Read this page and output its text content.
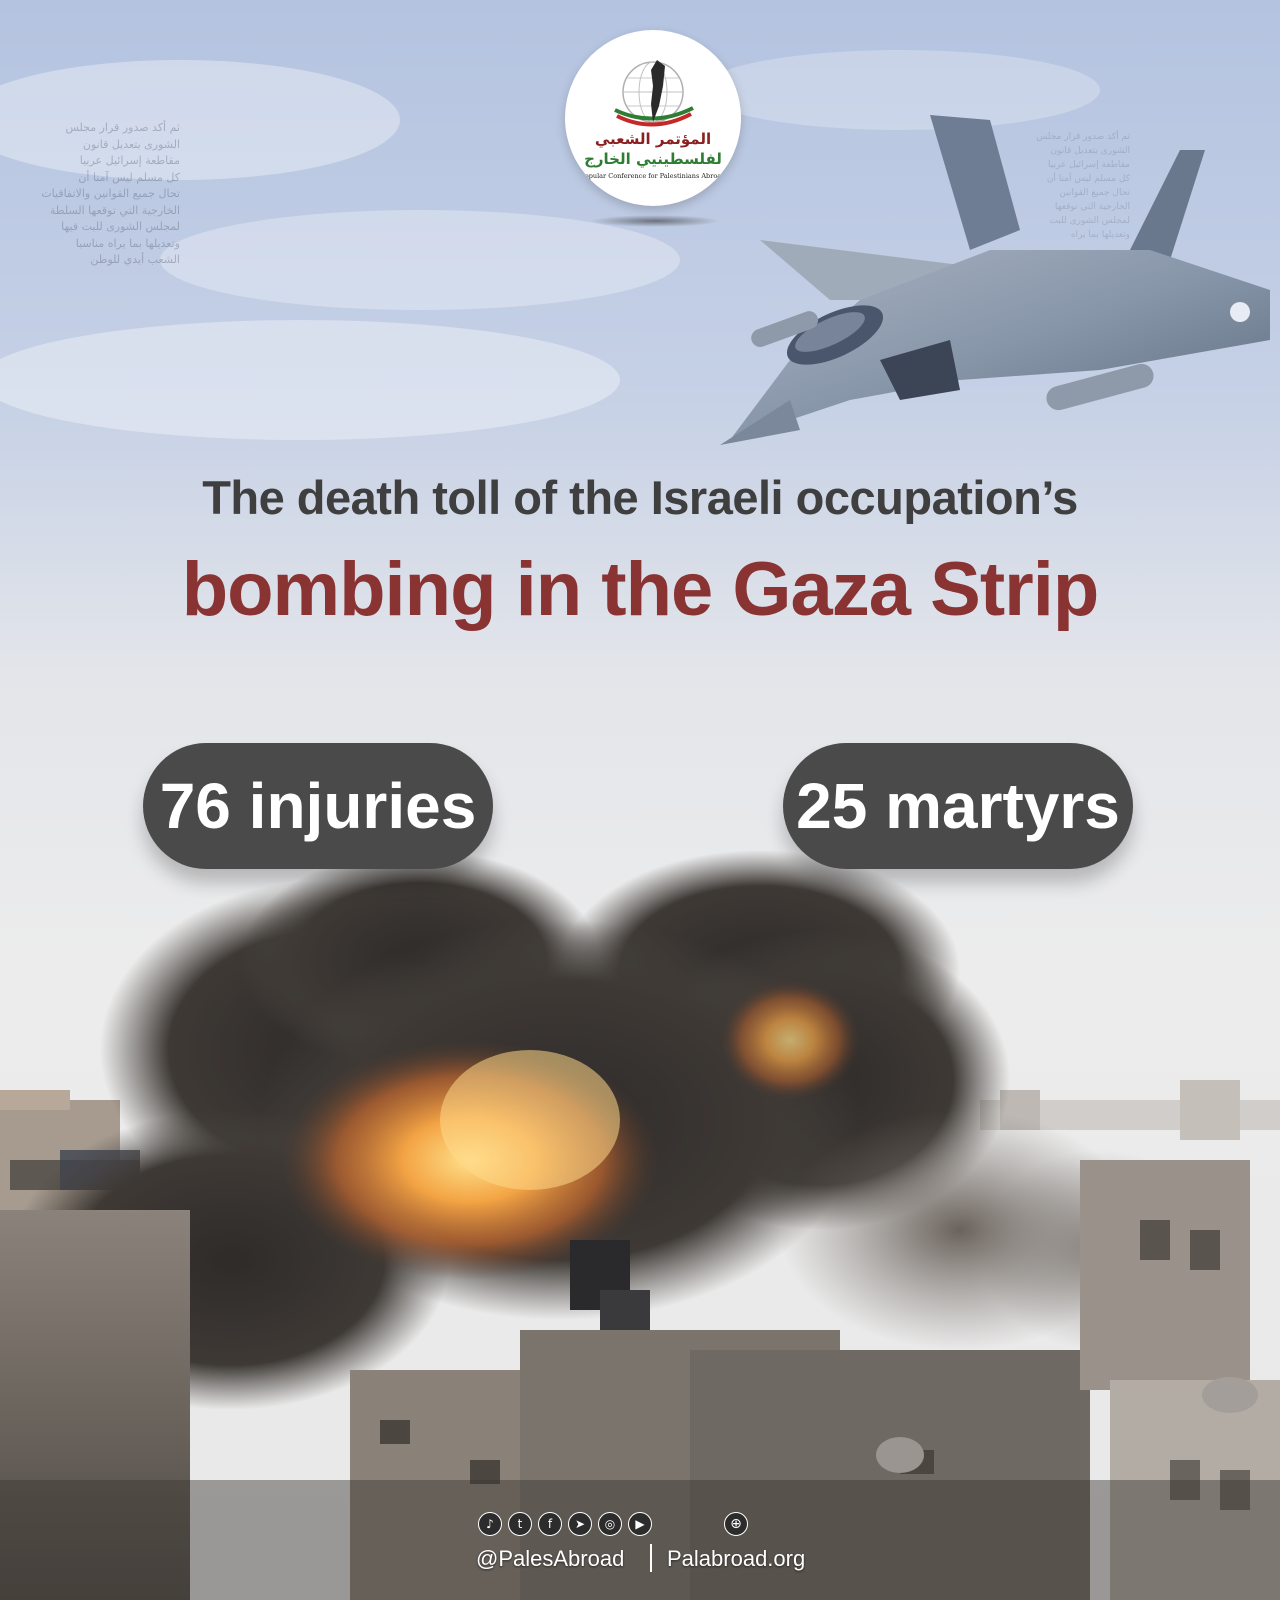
ثم أكد صدور قرار مجلس
الشورى بتعديل قانون
مقاطعة إسرائيل عربيا
كل مسلم ليس آمنا أن
تحال جميع القوانين والاتفاقيات
الخارجية التي توقعها السلطة
لمجلس الشورى للبت فيها
وتعديلها بما يراه مناسبا
الشعب أيدي للوطن
ثم أكد صدور قرار مجلس
الشورى بتعديل قانون
مقاطعة إسرائيل عربيا
كل مسلم ليس آمنا أن
تحال جميع القوانين
الخارجية التي توقعها
لمجلس الشورى للبت
وتعديلها بما يراه
المؤتمر الشعبي
لفلسطينيي الخارج
Popular Conference for Palestinians Abroad
The death toll of the Israeli occupation’s
bombing in the Gaza Strip
76 injuries	25 martyrs
♪	t	f	➤	◎	▶	⊕
@PalesAbroad Palabroad.org
